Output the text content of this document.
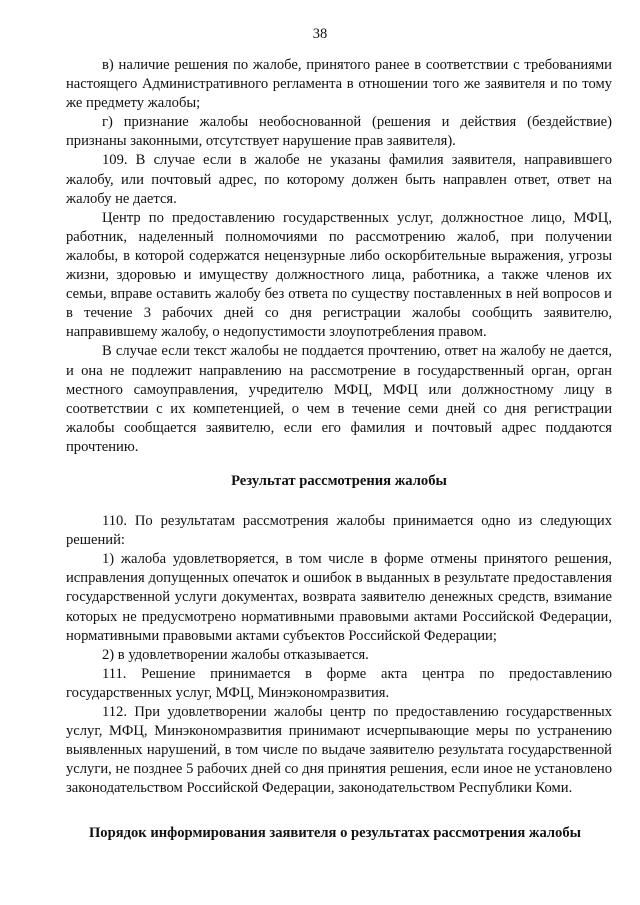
38

в) наличие решения по жалобе, принятого ранее в соответствии с требованиями настоящего Административного регламента в отношении того же заявителя и по тому же предмету жалобы;

г) признание жалобы необоснованной (решения и действия (бездействие) признаны законными, отсутствует нарушение прав заявителя).

109. В случае если в жалобе не указаны фамилия заявителя, направившего жалобу, или почтовый адрес, по которому должен быть направлен ответ, ответ на жалобу не дается.

Центр по предоставлению государственных услуг, должностное лицо, МФЦ, работник, наделенный полномочиями по рассмотрению жалоб, при получении жалобы, в которой содержатся нецензурные либо оскорбительные выражения, угрозы жизни, здоровью и имуществу должностного лица, работника, а также членов их семьи, вправе оставить жалобу без ответа по существу поставленных в ней вопросов и в течение 3 рабочих дней со дня регистрации жалобы сообщить заявителю, направившему жалобу, о недопустимости злоупотребления правом.

В случае если текст жалобы не поддается прочтению, ответ на жалобу не дается, и она не подлежит направлению на рассмотрение в государственный орган, орган местного самоуправления, учредителю МФЦ, МФЦ или должностному лицу в соответствии с их компетенцией, о чем в течение семи дней со дня регистрации жалобы сообщается заявителю, если его фамилия и почтовый адрес поддаются прочтению.

Результат рассмотрения жалобы

110. По результатам рассмотрения жалобы принимается одно из следующих решений:

1) жалоба удовлетворяется, в том числе в форме отмены принятого решения, исправления допущенных опечаток и ошибок в выданных в результате предоставления государственной услуги документах, возврата заявителю денежных средств, взимание которых не предусмотрено нормативными правовыми актами Российской Федерации, нормативными правовыми актами субъектов Российской Федерации;

2) в удовлетворении жалобы отказывается.

111. Решение принимается в форме акта центра по предоставлению государственных услуг, МФЦ, Минэкономразвития.

112. При удовлетворении жалобы центр по предоставлению государственных услуг, МФЦ, Минэкономразвития принимают исчерпывающие меры по устранению выявленных нарушений, в том числе по выдаче заявителю результата государственной услуги, не позднее 5 рабочих дней со дня принятия решения, если иное не установлено законодательством Российской Федерации, законодательством Республики Коми.

Порядок информирования заявителя о результатах рассмотрения жалобы
